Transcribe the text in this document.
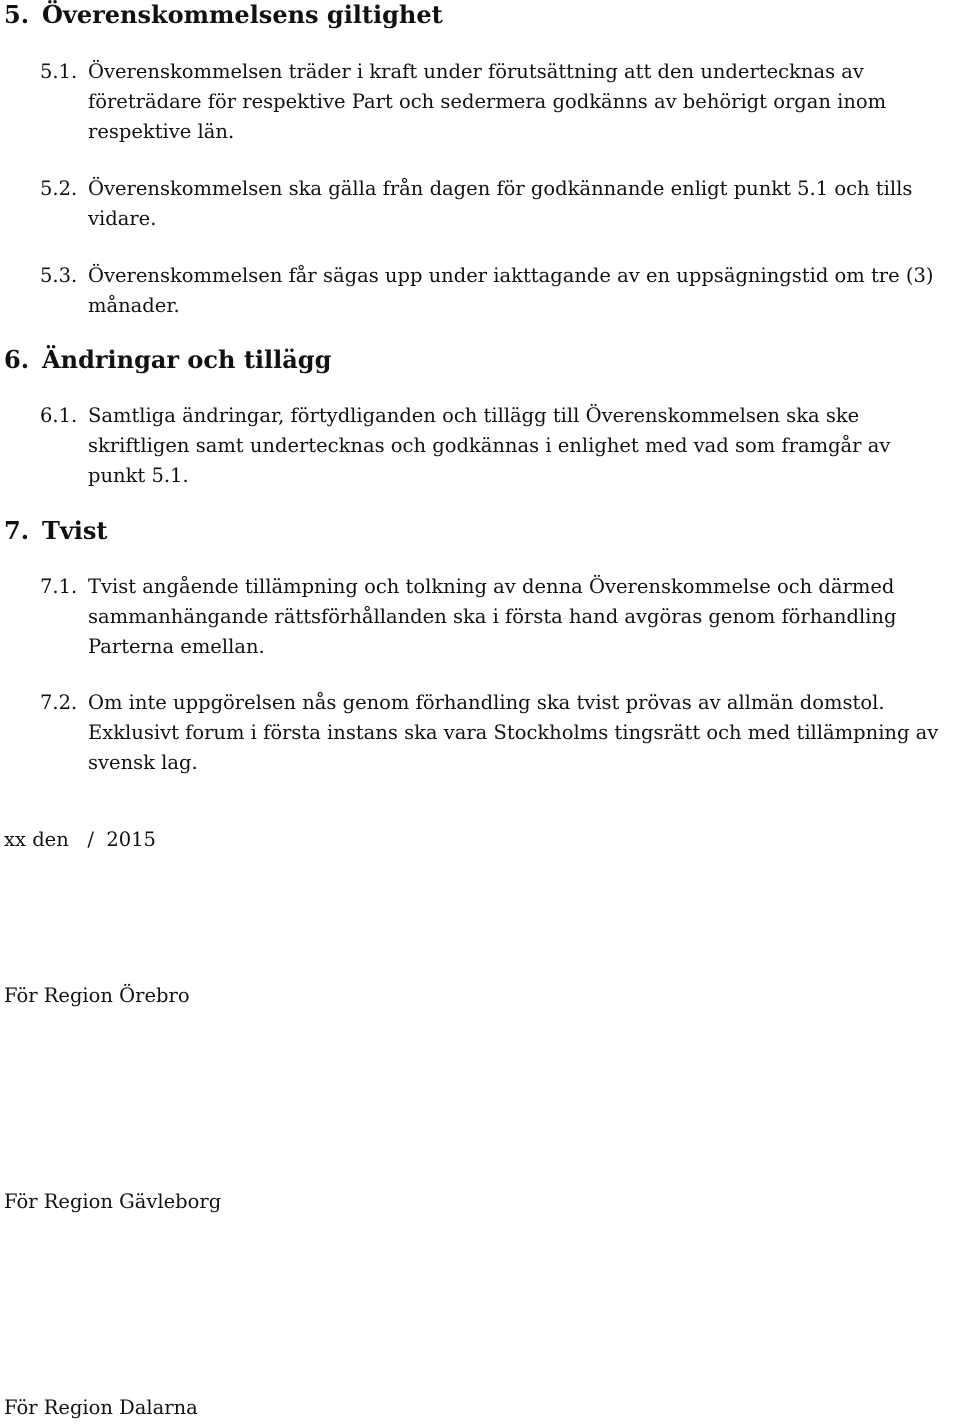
5. Överenskommelsens giltighet
5.1. Överenskommelsen träder i kraft under förutsättning att den undertecknas av företrädare för respektive Part och sedermera godkänns av behörigt organ inom respektive län.
5.2. Överenskommelsen ska gälla från dagen för godkännande enligt punkt 5.1 och tills vidare.
5.3. Överenskommelsen får sägas upp under iakttagande av en uppsägningstid om tre (3) månader.
6. Ändringar och tillägg
6.1. Samtliga ändringar, förtydliganden och tillägg till Överenskommelsen ska ske skriftligen samt undertecknas och godkännas i enlighet med vad som framgår av punkt 5.1.
7. Tvist
7.1. Tvist angående tillämpning och tolkning av denna Överenskommelse och därmed sammanhängande rättsförhållanden ska i första hand avgöras genom förhandling Parterna emellan.
7.2. Om inte uppgörelsen nås genom förhandling ska tvist prövas av allmän domstol. Exklusivt forum i första instans ska vara Stockholms tingsrätt och med tillämpning av svensk lag.
xx den   /  2015
För Region Örebro
För Region Gävleborg
För Region Dalarna
